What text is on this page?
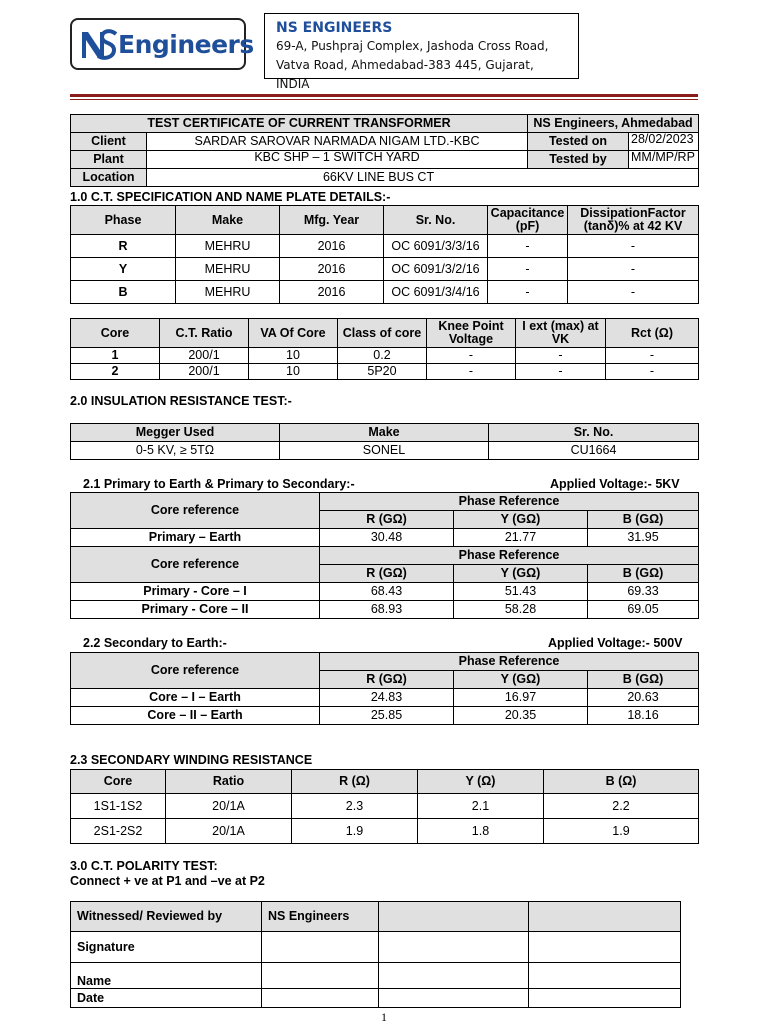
Engineers
NS ENGINEERS
69-A, Pushpraj Complex, Jashoda Cross Road,
Vatva Road, Ahmedabad-383 445, Gujarat, INDIA
TEST CERTIFICATE OF CURRENT TRANSFORMER		NS Engineers, Ahmedabad	
Client	SARDAR SAROVAR NARMADA NIGAM LTD.-KBC	Tested on	28/02/2023
Plant	KBC SHP – 1 SWITCH YARD	Tested by	MM/MP/RP
Location	66KV LINE BUS CT		
1.0 C.T. SPECIFICATION AND NAME PLATE DETAILS:-
Phase	Make	Mfg. Year	Sr. No.	Capacitance (pF)	DissipationFactor (tanδ)% at 42 KV
R	MEHRU	2016	OC 6091/3/3/16	-	-
Y	MEHRU	2016	OC 6091/3/2/16	-	-
B	MEHRU	2016	OC 6091/3/4/16	-	-
Core	C.T. Ratio	VA Of Core	Class of core	Knee Point Voltage	I ext (max) at VK	Rct (Ω)
1	200/1	10	0.2	-	-	-
2	200/1	10	5P20	-	-	-
2.0 INSULATION RESISTANCE TEST:-
Megger Used	Make	Sr. No.
0-5 KV, ≥ 5TΩ	SONEL	CU1664
2.1 Primary to Earth & Primary to Secondary:-	Applied Voltage:- 5KV
Core reference	Phase Reference		
	R (GΩ)	Y (GΩ)	B (GΩ)
Primary – Earth	30.48	21.77	31.95
Core reference	Phase Reference		
	R (GΩ)	Y (GΩ)	B (GΩ)
Primary - Core – I	68.43	51.43	69.33
Primary - Core – II	68.93	58.28	69.05
2.2 Secondary to Earth:-	Applied Voltage:- 500V
Core reference	Phase Reference		
	R (GΩ)	Y (GΩ)	B (GΩ)
Core – I – Earth	24.83	16.97	20.63
Core – II – Earth	25.85	20.35	18.16
2.3 SECONDARY WINDING RESISTANCE
Core	Ratio	R (Ω)	Y (Ω)	B (Ω)
1S1-1S2	20/1A	2.3	2.1	2.2
2S1-2S2	20/1A	1.9	1.8	1.9
3.0 C.T. POLARITY TEST:
Connect + ve at P1 and –ve at P2
Witnessed/ Reviewed by	NS Engineers		
Signature			
Name			
Date			
1
